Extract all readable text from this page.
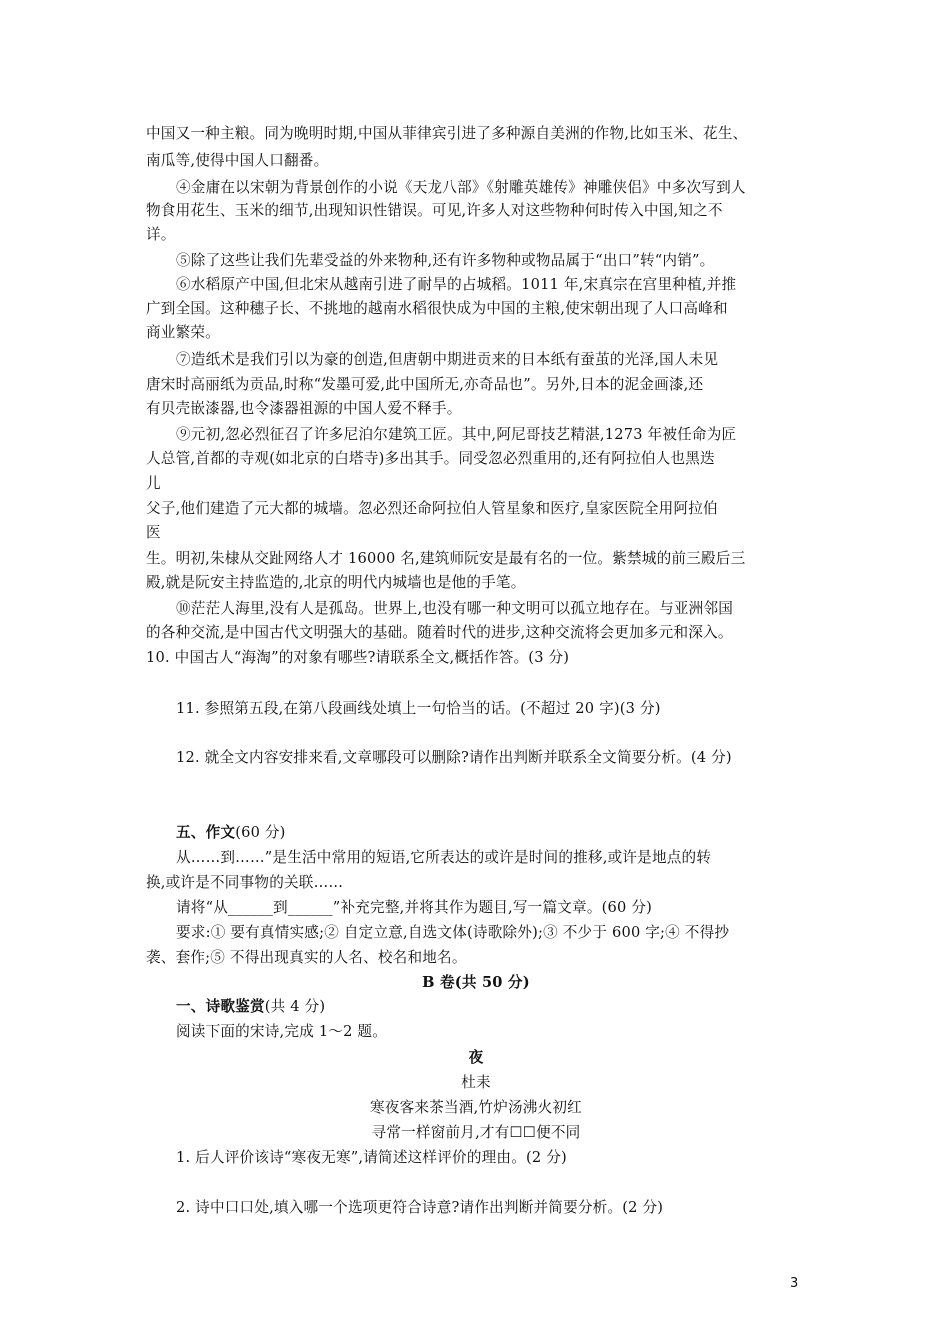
中国又一种主粮。同为晚明时期,中国从菲律宾引进了多种源自美洲的作物,比如玉米、花生、
南瓜等,使得中国人口翻番。
④金庸在以宋朝为背景创作的小说《天龙八部》《射雕英雄传》神雕侠侣》中多次写到人
物食用花生、玉米的细节,出现知识性错误。可见,许多人对这些物种何时传入中国,知之不
详。
⑤除了这些让我们先辈受益的外来物种,还有许多物种或物品属于“出口”转“内销”。
⑥水稻原产中国,但北宋从越南引进了耐旱的占城稻。1011 年,宋真宗在宫里种植,并推
广到全国。这种穗子长、不挑地的越南水稻很快成为中国的主粮,使宋朝出现了人口高峰和
商业繁荣。
⑦造纸术是我们引以为豪的创造,但唐朝中期进贡来的日本纸有蚕茧的光泽,国人未见
唐宋时高丽纸为贡品,时称“发墨可爱,此中国所无,亦奇品也”。另外,日本的泥金画漆,还
有贝壳嵌漆器,也令漆器祖源的中国人爱不释手。
⑨元初,忽必烈征召了许多尼泊尔建筑工匠。其中,阿尼哥技艺精湛,1273 年被任命为匠
人总管,首都的寺观(如北京的白塔寺)多出其手。同受忽必烈重用的,还有阿拉伯人也黑迭
儿
父子,他们建造了元大都的城墙。忽必烈还命阿拉伯人管星象和医疗,皇家医院全用阿拉伯
医
生。明初,朱棣从交趾网络人才 16000 名,建筑师阮安是最有名的一位。紫禁城的前三殿后三
殿,就是阮安主持监造的,北京的明代内城墙也是他的手笔。
⑩茫茫人海里,没有人是孤岛。世界上,也没有哪一种文明可以孤立地存在。与亚洲邻国
的各种交流,是中国古代文明强大的基础。随着时代的进步,这种交流将会更加多元和深入。
10. 中国古人“海淘”的对象有哪些?请联系全文,概括作答。(3 分)
11. 参照第五段,在第八段画线处填上一句恰当的话。(不超过 20 字)(3 分)
12. 就全文内容安排来看,文章哪段可以删除?请作出判断并联系全文简要分析。(4 分)
五、作文(60 分)
从……到……”是生活中常用的短语,它所表达的或许是时间的推移,或许是地点的转
换,或许是不同事物的关联……
请将“从______到______”补充完整,并将其作为题目,写一篇文章。(60 分)
要求:① 要有真情实感;② 自定立意,自选文体(诗歌除外);③ 不少于 600 字;④ 不得抄
袭、套作;⑤ 不得出现真实的人名、校名和地名。
B 卷(共 50 分)
一、诗歌鉴赏(共 4 分)
阅读下面的宋诗,完成 1～2 题。
夜
杜耒
寒夜客来茶当酒,竹炉汤沸火初红
寻常一样窗前月,才有☐☐便不同
1. 后人评价该诗“寒夜无寒”,请简述这样评价的理由。(2 分)
2. 诗中口口处,填入哪一个选项更符合诗意?请作出判断并简要分析。(2 分)
3
